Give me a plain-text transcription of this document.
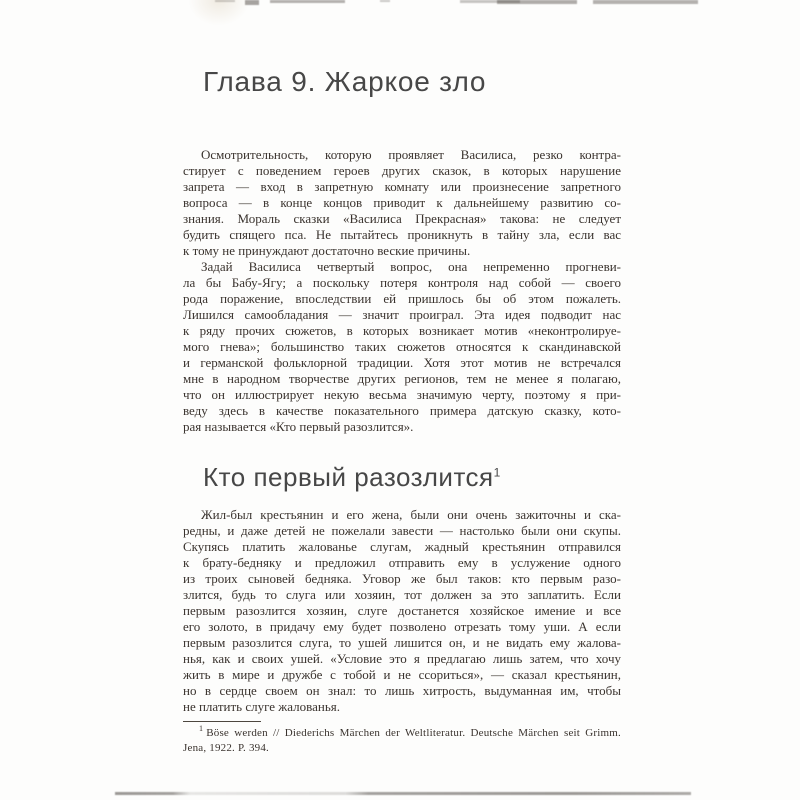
Глава 9. Жаркое зло
Осмотрительность, которую проявляет Василиса, резко контра-
стирует с поведением героев других сказок, в которых нарушение
запрета — вход в запретную комнату или произнесение запретного
вопроса — в конце концов приводит к дальнейшему развитию со-
знания. Мораль сказки «Василиса Прекрасная» такова: не следует
будить спящего пса. Не пытайтесь проникнуть в тайну зла, если вас
к тому не принуждают достаточно веские причины.
Задай Василиса четвертый вопрос, она непременно прогневи-
ла бы Бабу-Ягу; а поскольку потеря контроля над собой — своего
рода поражение, впоследствии ей пришлось бы об этом пожалеть.
Лишился самообладания — значит проиграл. Эта идея подводит нас
к ряду прочих сюжетов, в которых возникает мотив «неконтролируе-
мого гнева»; большинство таких сюжетов относятся к скандинавской
и германской фольклорной традиции. Хотя этот мотив не встречался
мне в народном творчестве других регионов, тем не менее я полагаю,
что он иллюстрирует некую весьма значимую черту, поэтому я при-
веду здесь в качестве показательного примера датскую сказку, кото-
рая называется «Кто первый разозлится».
Кто первый разозлится$^1$
Жил-был крестьянин и его жена, были они очень зажиточны и ска-
редны, и даже детей не пожелали завести — настолько были они скупы.
Скупясь платить жалованье слугам, жадный крестьянин отправился
к брату-бедняку и предложил отправить ему в услужение одного
из троих сыновей бедняка. Уговор же был таков: кто первым разо-
злится, будь то слуга или хозяин, тот должен за это заплатить. Если
первым разозлится хозяин, слуге достанется хозяйское имение и все
его золото, в придачу ему будет позволено отрезать тому уши. А если
первым разозлится слуга, то ушей лишится он, и не видать ему жалова-
нья, как и своих ушей. «Условие это я предлагаю лишь затем, что хочу
жить в мире и дружбе с тобой и не ссориться», — сказал крестьянин,
но в сердце своем он знал: то лишь хитрость, выдуманная им, чтобы
не платить слуге жалованья.
$^1$ Böse werden // Diederichs Märchen der Weltliteratur. Deutsche Märchen seit Grimm.
Jena, 1922. P. 394.
